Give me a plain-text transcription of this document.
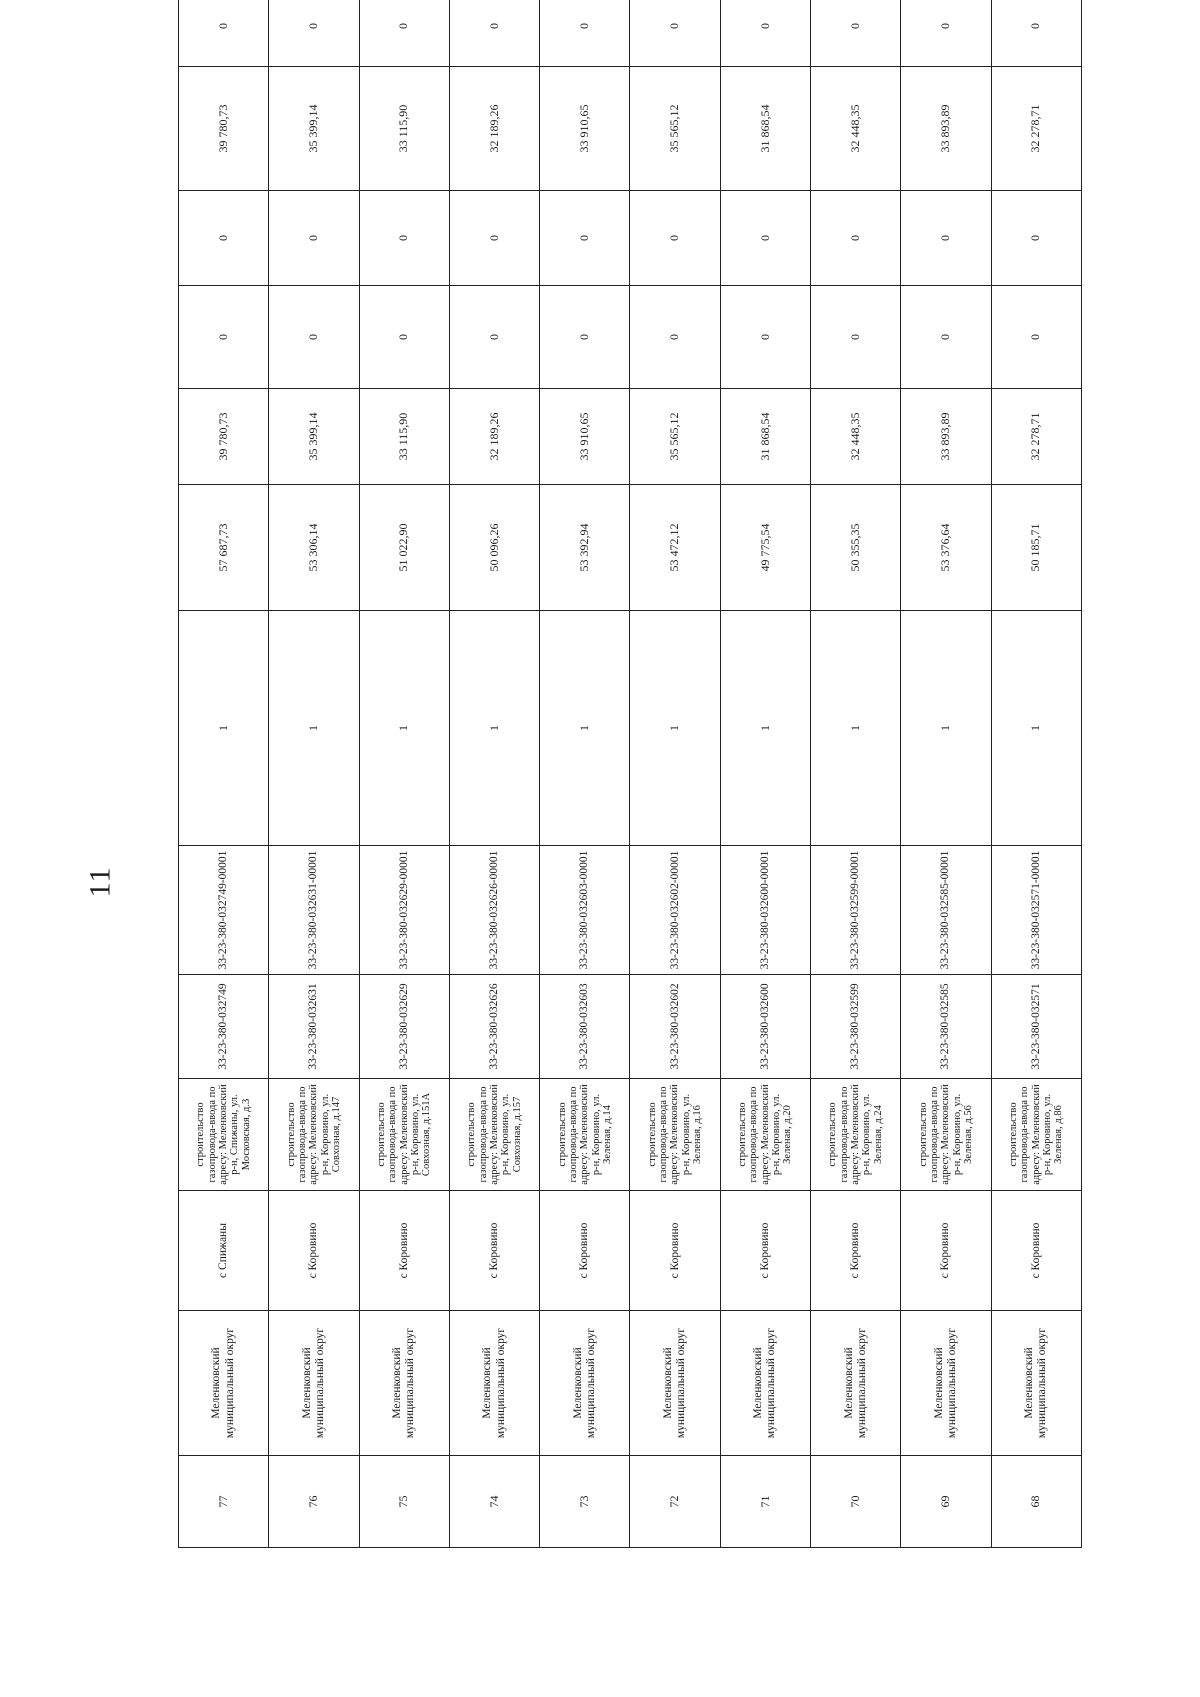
11
77	Меленковский муниципальный округ	с Спижаны	строительство газопровода-ввода по адресу: Меленковский р-н, Спижаны, ул. Московская, д.3	33-23-380-032749	33-23-380-032749-00001	1	57 687,73	39 780,73	0	0	39 780,73	0
76	Меленковский муниципальный округ	с Коровино	строительство газопровода-ввода по адресу: Меленковский р-н, Коровино, ул. Совхозная, д.147	33-23-380-032631	33-23-380-032631-00001	1	53 306,14	35 399,14	0	0	35 399,14	0
75	Меленковский муниципальный округ	с Коровино	строительство газопровода-ввода по адресу: Меленковский р-н, Коровино, ул. Совхозная, д.151А	33-23-380-032629	33-23-380-032629-00001	1	51 022,90	33 115,90	0	0	33 115,90	0
74	Меленковский муниципальный округ	с Коровино	строительство газопровода-ввода по адресу: Меленковский р-н, Коровино, ул. Совхозная, д.157	33-23-380-032626	33-23-380-032626-00001	1	50 096,26	32 189,26	0	0	32 189,26	0
73	Меленковский муниципальный округ	с Коровино	строительство газопровода-ввода по адресу: Меленковский р-н, Коровино, ул. Зеленая, д.14	33-23-380-032603	33-23-380-032603-00001	1	53 392,94	33 910,65	0	0	33 910,65	0
72	Меленковский муниципальный округ	с Коровино	строительство газопровода-ввода по адресу: Меленковский р-н, Коровино, ул. Зеленая, д.16	33-23-380-032602	33-23-380-032602-00001	1	53 472,12	35 565,12	0	0	35 565,12	0
71	Меленковский муниципальный округ	с Коровино	строительство газопровода-ввода по адресу: Меленковский р-н, Коровино, ул. Зеленая, д.20	33-23-380-032600	33-23-380-032600-00001	1	49 775,54	31 868,54	0	0	31 868,54	0
70	Меленковский муниципальный округ	с Коровино	строительство газопровода-ввода по адресу: Меленковский р-н, Коровино, ул. Зеленая, д.24	33-23-380-032599	33-23-380-032599-00001	1	50 355,35	32 448,35	0	0	32 448,35	0
69	Меленковский муниципальный округ	с Коровино	строительство газопровода-ввода по адресу: Меленковский р-н, Коровино, ул. Зеленая, д.56	33-23-380-032585	33-23-380-032585-00001	1	53 376,64	33 893,89	0	0	33 893,89	0
68	Меленковский муниципальный округ	с Коровино	строительство газопровода-ввода по адресу: Меленковский р-н, Коровино, ул. Зеленая, д.86	33-23-380-032571	33-23-380-032571-00001	1	50 185,71	32 278,71	0	0	32 278,71	0
